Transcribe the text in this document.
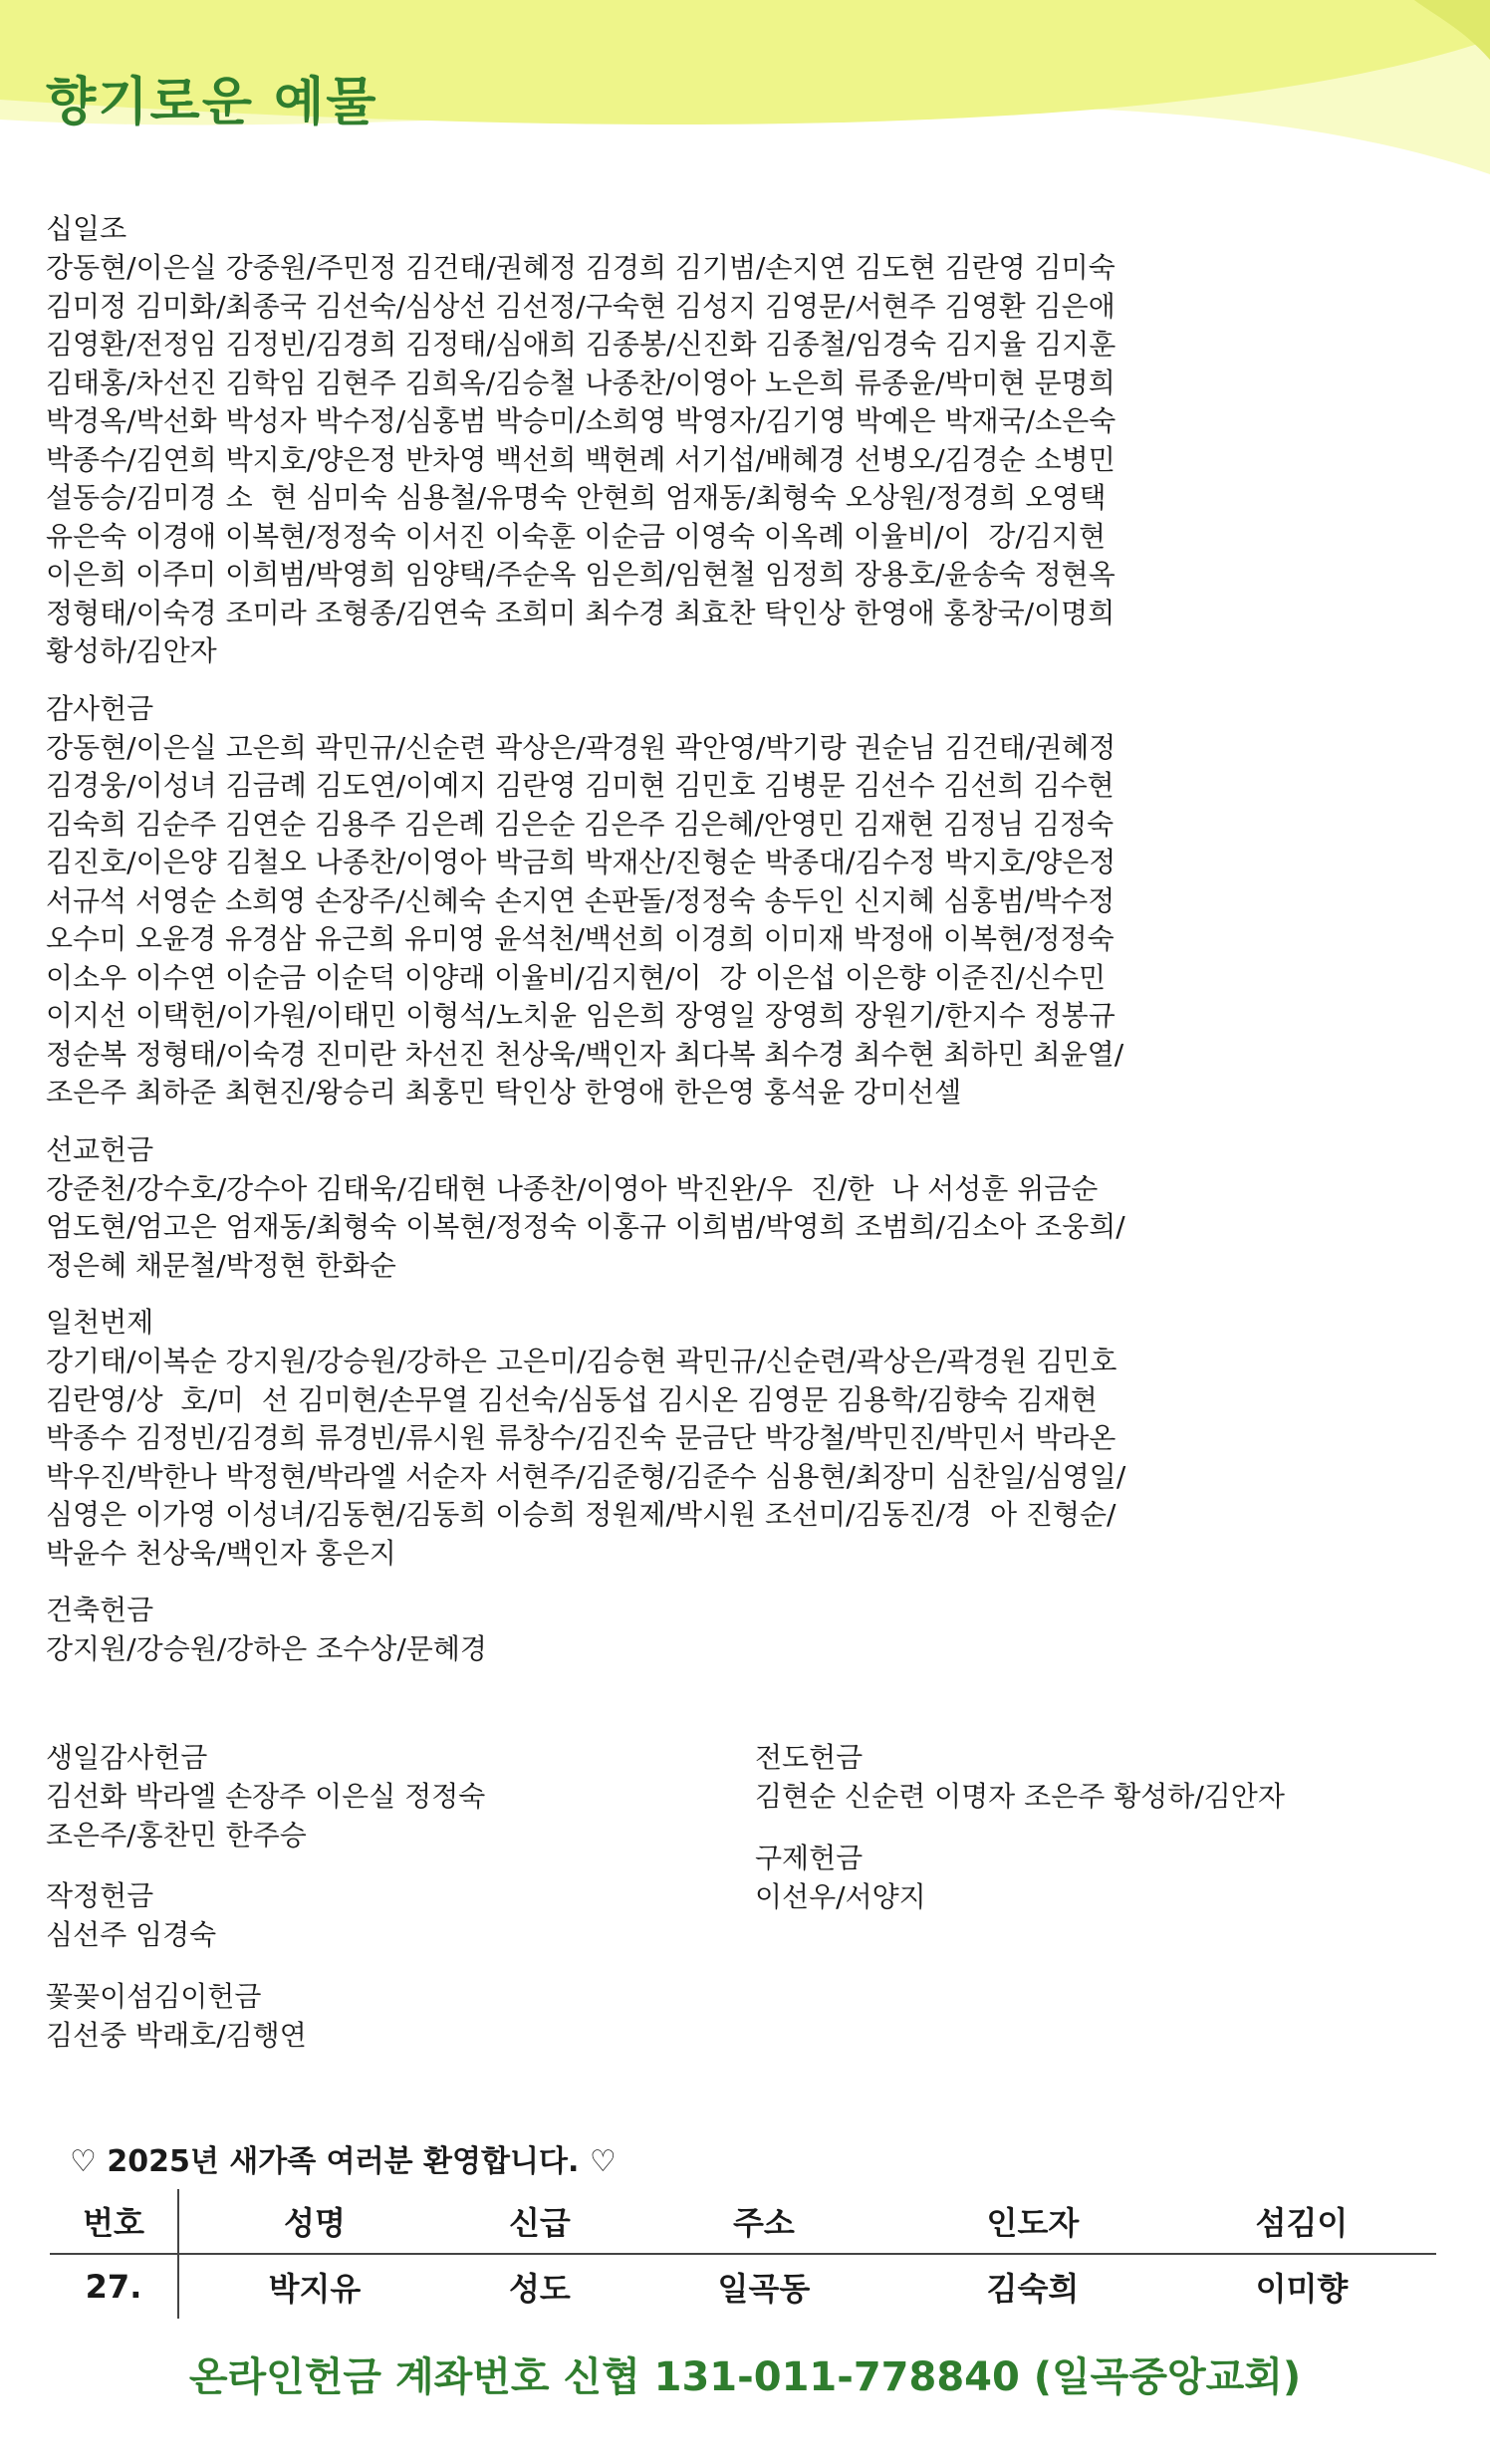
향기로운 예물
십일조
강동현/이은실 강중원/주민정 김건태/권혜정 김경희 김기범/손지연 김도현 김란영 김미숙
김미정 김미화/최종국 김선숙/심상선 김선정/구숙현 김성지 김영문/서현주 김영환 김은애
김영환/전정임 김정빈/김경희 김정태/심애희 김종봉/신진화 김종철/임경숙 김지율 김지훈
김태홍/차선진 김학임 김현주 김희옥/김승철 나종찬/이영아 노은희 류종윤/박미현 문명희
박경옥/박선화 박성자 박수정/심홍범 박승미/소희영 박영자/김기영 박예은 박재국/소은숙
박종수/김연희 박지호/양은정 반차영 백선희 백현례 서기섭/배혜경 선병오/김경순 소병민
설동승/김미경 소  현 심미숙 심용철/유명숙 안현희 엄재동/최형숙 오상원/정경희 오영택
유은숙 이경애 이복현/정정숙 이서진 이숙훈 이순금 이영숙 이옥례 이율비/이  강/김지현
이은희 이주미 이희범/박영희 임양택/주순옥 임은희/임현철 임정희 장용호/윤송숙 정현옥
정형태/이숙경 조미라 조형종/김연숙 조희미 최수경 최효찬 탁인상 한영애 홍창국/이명희
황성하/김안자
감사헌금
강동현/이은실 고은희 곽민규/신순련 곽상은/곽경원 곽안영/박기랑 권순님 김건태/권혜정
김경웅/이성녀 김금례 김도연/이예지 김란영 김미현 김민호 김병문 김선수 김선희 김수현
김숙희 김순주 김연순 김용주 김은례 김은순 김은주 김은혜/안영민 김재현 김정님 김정숙
김진호/이은양 김철오 나종찬/이영아 박금희 박재산/진형순 박종대/김수정 박지호/양은정
서규석 서영순 소희영 손장주/신혜숙 손지연 손판돌/정정숙 송두인 신지혜 심홍범/박수정
오수미 오윤경 유경삼 유근희 유미영 윤석천/백선희 이경희 이미재 박정애 이복현/정정숙
이소우 이수연 이순금 이순덕 이양래 이율비/김지현/이  강 이은섭 이은향 이준진/신수민
이지선 이택헌/이가원/이태민 이형석/노치윤 임은희 장영일 장영희 장원기/한지수 정봉규
정순복 정형태/이숙경 진미란 차선진 천상욱/백인자 최다복 최수경 최수현 최하민 최윤열/
조은주 최하준 최현진/왕승리 최홍민 탁인상 한영애 한은영 홍석윤 강미선셀
선교헌금
강준천/강수호/강수아 김태욱/김태현 나종찬/이영아 박진완/우  진/한  나 서성훈 위금순
엄도현/엄고은 엄재동/최형숙 이복현/정정숙 이홍규 이희범/박영희 조범희/김소아 조웅희/
정은혜 채문철/박정현 한화순
일천번제
강기태/이복순 강지원/강승원/강하은 고은미/김승현 곽민규/신순련/곽상은/곽경원 김민호
김란영/상  호/미  선 김미현/손무열 김선숙/심동섭 김시온 김영문 김용학/김향숙 김재현
박종수 김정빈/김경희 류경빈/류시원 류창수/김진숙 문금단 박강철/박민진/박민서 박라온
박우진/박한나 박정현/박라엘 서순자 서현주/김준형/김준수 심용현/최장미 심찬일/심영일/
심영은 이가영 이성녀/김동현/김동희 이승희 정원제/박시원 조선미/김동진/경  아 진형순/
박윤수 천상욱/백인자 홍은지
건축헌금
강지원/강승원/강하은 조수상/문혜경
생일감사헌금
김선화 박라엘 손장주 이은실 정정숙
조은주/홍찬민 한주승
작정헌금
심선주 임경숙
꽃꽂이섬김이헌금
김선중 박래호/김행연
전도헌금
김현순 신순련 이명자 조은주 황성하/김안자
구제헌금
이선우/서양지
♡ 2025년 새가족 여러분 환영합니다. ♡
번호	성명	신급	주소	인도자	섬김이
27.	박지유	성도	일곡동	김숙희	이미향
온라인헌금 계좌번호 신협 131-011-778840 (일곡중앙교회)
